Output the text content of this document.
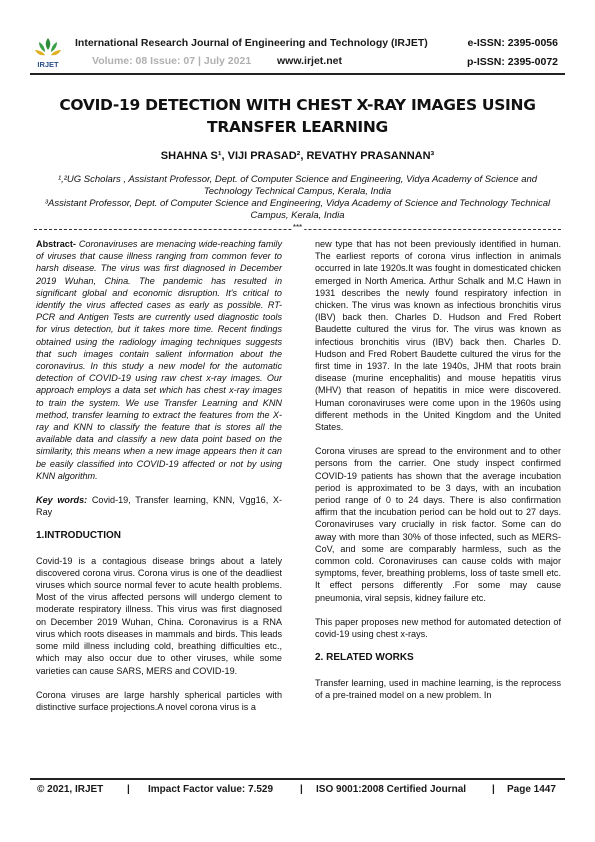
IRJET
International Research Journal of Engineering and Technology (IRJET)
Volume: 08 Issue: 07 | July 2021 www.irjet.net
e-ISSN: 2395-0056
p-ISSN: 2395-0072
COVID-19 DETECTION WITH CHEST X-RAY IMAGES USING TRANSFER LEARNING
SHAHNA S¹, VIJI PRASAD², REVATHY PRASANNAN³
¹,²UG Scholars , Assistant Professor, Dept. of Computer Science and Engineering, Vidya Academy of Science and Technology Technical Campus, Kerala, India
³Assistant Professor, Dept. of Computer Science and Engineering, Vidya Academy of Science and Technology Technical Campus, Kerala, India
***

Abstract- Coronaviruses are menacing wide-reaching family of viruses that cause illness ranging from common fever to harsh disease. The virus was first diagnosed in December 2019 Wuhan, China. The pandemic has resulted in significant global and economic disruption. It's critical to identify the virus affected cases as early as possible. RT-PCR and Antigen Tests are currently used diagnostic tools for virus detection, but it takes more time. Recent findings obtained using the radiology imaging techniques suggests that such images contain salient information about the coronavirus. In this study a new model for the automatic detection of COVID-19 using raw chest x-ray images. Our approach employs a data set which has chest x-ray images to train the system. We use Transfer Learning and KNN method, transfer learning to extract the features from the X-ray and KNN to classify the feature that is stores all the available data and classify a new data point based on the similarity, this means when a new image appears then it can be easily classified into COVID-19 affected or not by using KNN algorithm.

Key words: Covid-19, Transfer learning, KNN, Vgg16, X-Ray

1.INTRODUCTION

Covid-19 is a contagious disease brings about a lately discovered corona virus. Corona virus is one of the deadliest viruses which source normal fever to acute health problems. Most of the virus affected persons will undergo clement to moderate respiratory illness. This virus was first diagnosed on December 2019 Wuhan, China. Coronavirus is a RNA virus which roots diseases in mammals and birds. This leads some mild illness including cold, breathing difficulties etc., which may also occur due to other viruses, while some varieties can cause SARS, MERS and COVID-19.

Corona viruses are large harshly spherical particles with distinctive surface projections.A novel corona virus is a

new type that has not been previously identified in human. The earliest reports of corona virus inflection in animals occurred in late 1920s.It was fought in domesticated chicken emerged in North America. Arthur Schalk and M.C Hawn in 1931 describes the newly found respiratory infection in chicken. The virus was known as infectious bronchitis virus (IBV) back then. Charles D. Hudson and Fred Robert Baudette cultured the virus for. The virus was known as infectious bronchitis virus (IBV) back then. Charles D. Hudson and Fred Robert Baudette cultured the virus for the first time in 1937. In the late 1940s, JHM that roots brain disease (murine encephalitis) and mouse hepatitis virus (MHV) that reason of hepatitis in mice were discovered. Human coronaviruses were come upon in the 1960s using different methods in the United Kingdom and the United States.

Corona viruses are spread to the environment and to other persons from the carrier. One study inspect confirmed COVID-19 patients has shown that the average incubation period is approximated to be 3 days, with an incubation period range of 0 to 24 days. There is also confirmation affirm that the incubation period can be hold out to 27 days. Coronaviruses vary crucially in risk factor. Some can do away with more than 30% of those infected, such as MERS-CoV, and some are comparably harmless, such as the common cold. Coronaviruses can cause colds with major symptoms, fever, breathing problems, loss of taste smell etc. It effect persons differently .For some may cause pneumonia, viral sepsis, kidney failure etc.

This paper proposes new method for automated detection of covid-19 using chest x-rays.

2. RELATED WORKS

Transfer learning, used in machine learning, is the reprocess of a pre-trained model on a new problem. In

© 2021, IRJET | Impact Factor value: 7.529	| ISO 9001:2008 Certified Journal	| Page 1447
